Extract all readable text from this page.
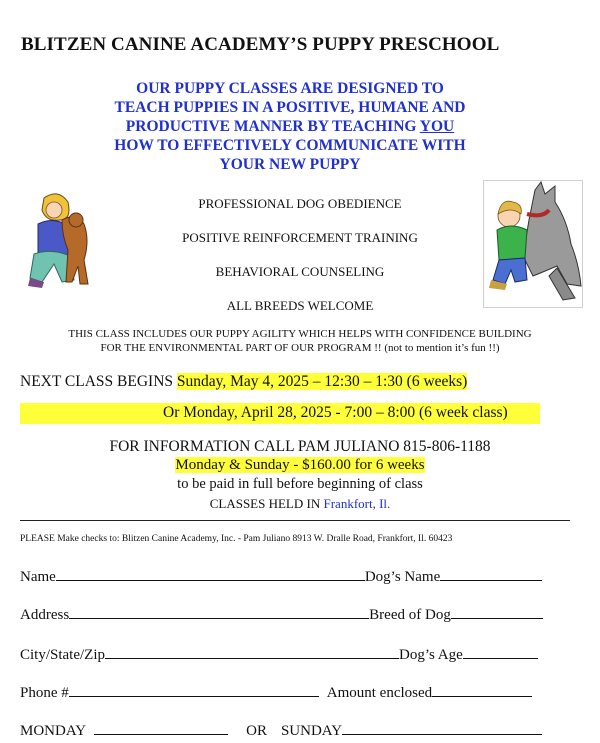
BLITZEN CANINE ACADEMY’S PUPPY PRESCHOOL
OUR PUPPY CLASSES ARE DESIGNED TO
TEACH PUPPIES IN A POSITIVE, HUMANE AND
PRODUCTIVE MANNER BY TEACHING YOU
HOW TO EFFECTIVELY COMMUNICATE WITH
YOUR NEW PUPPY
PROFESSIONAL DOG OBEDIENCE
POSITIVE REINFORCEMENT TRAINING
BEHAVIORAL COUNSELING
ALL BREEDS WELCOME
THIS CLASS INCLUDES OUR PUPPY AGILITY WHICH HELPS WITH CONFIDENCE BUILDING
FOR THE ENVIRONMENTAL PART OF OUR PROGRAM !! (not to mention it’s fun !!)
NEXT CLASS BEGINS Sunday, May 4, 2025 – 12:30 – 1:30 (6 weeks)
Or Monday, April 28, 2025 - 7:00 – 8:00 (6 week class)
FOR INFORMATION CALL PAM JULIANO 815-806-1188
Monday & Sunday - $160.00 for 6 weeks
to be paid in full before beginning of class
CLASSES HELD IN Frankfort, Il.
PLEASE Make checks to: Blitzen Canine Academy, Inc. - Pam Juliano 8913 W. Dralle Road, Frankfort, Il. 60423
Name	Dog’s Name
Address	Breed of Dog
City/State/Zip	Dog’s Age
Phone #	Amount enclosed
MONDAY	OR SUNDAY
